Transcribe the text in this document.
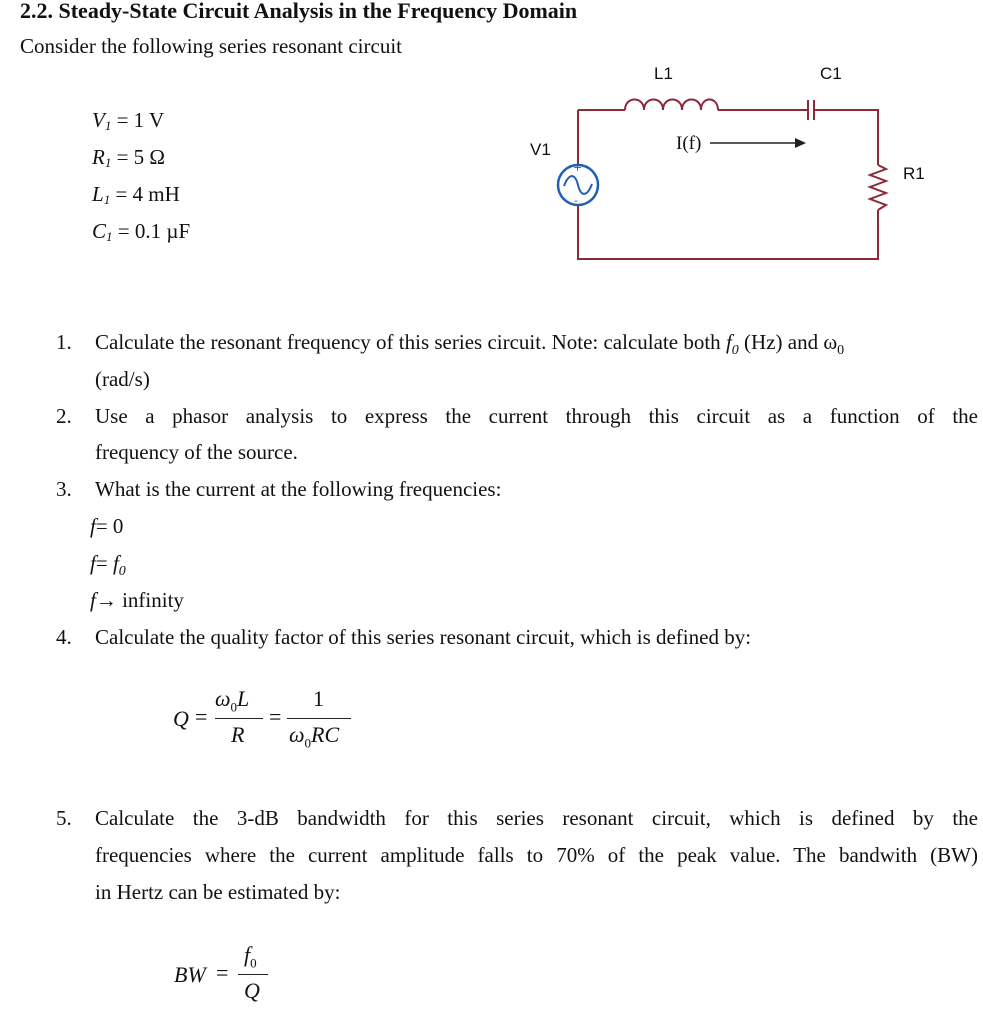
2.2. Steady-State Circuit Analysis in the Frequency Domain
Consider the following series resonant circuit
$V_1 = 1$ V
$R_1 = 5$ Ω
$L_1 = 4$ mH
$C_1 = 0.1$ µF
+
-
V1
L1	C1
R1
I(f)
1. Calculate the resonant frequency of this series circuit. Note: calculate both $f_0$ (Hz) and $\omega_0$
(rad/s)
2. Use a phasor analysis to express the current through this circuit as a function of the
frequency of the source.
3. What is the current at the following frequencies:
f= 0
$f= f_0$
f→ infinity
4. Calculate the quality factor of this series resonant circuit, which is defined by:
Q =
$\omega_0L$
R
=
1
$\omega_0RC$
5. Calculate the 3-dB bandwidth for this series resonant circuit, which is defined by the
frequencies where the current amplitude falls to 70% of the peak value. The bandwith (BW)
in Hertz can be estimated by:
BW =
$f_0$
Q
